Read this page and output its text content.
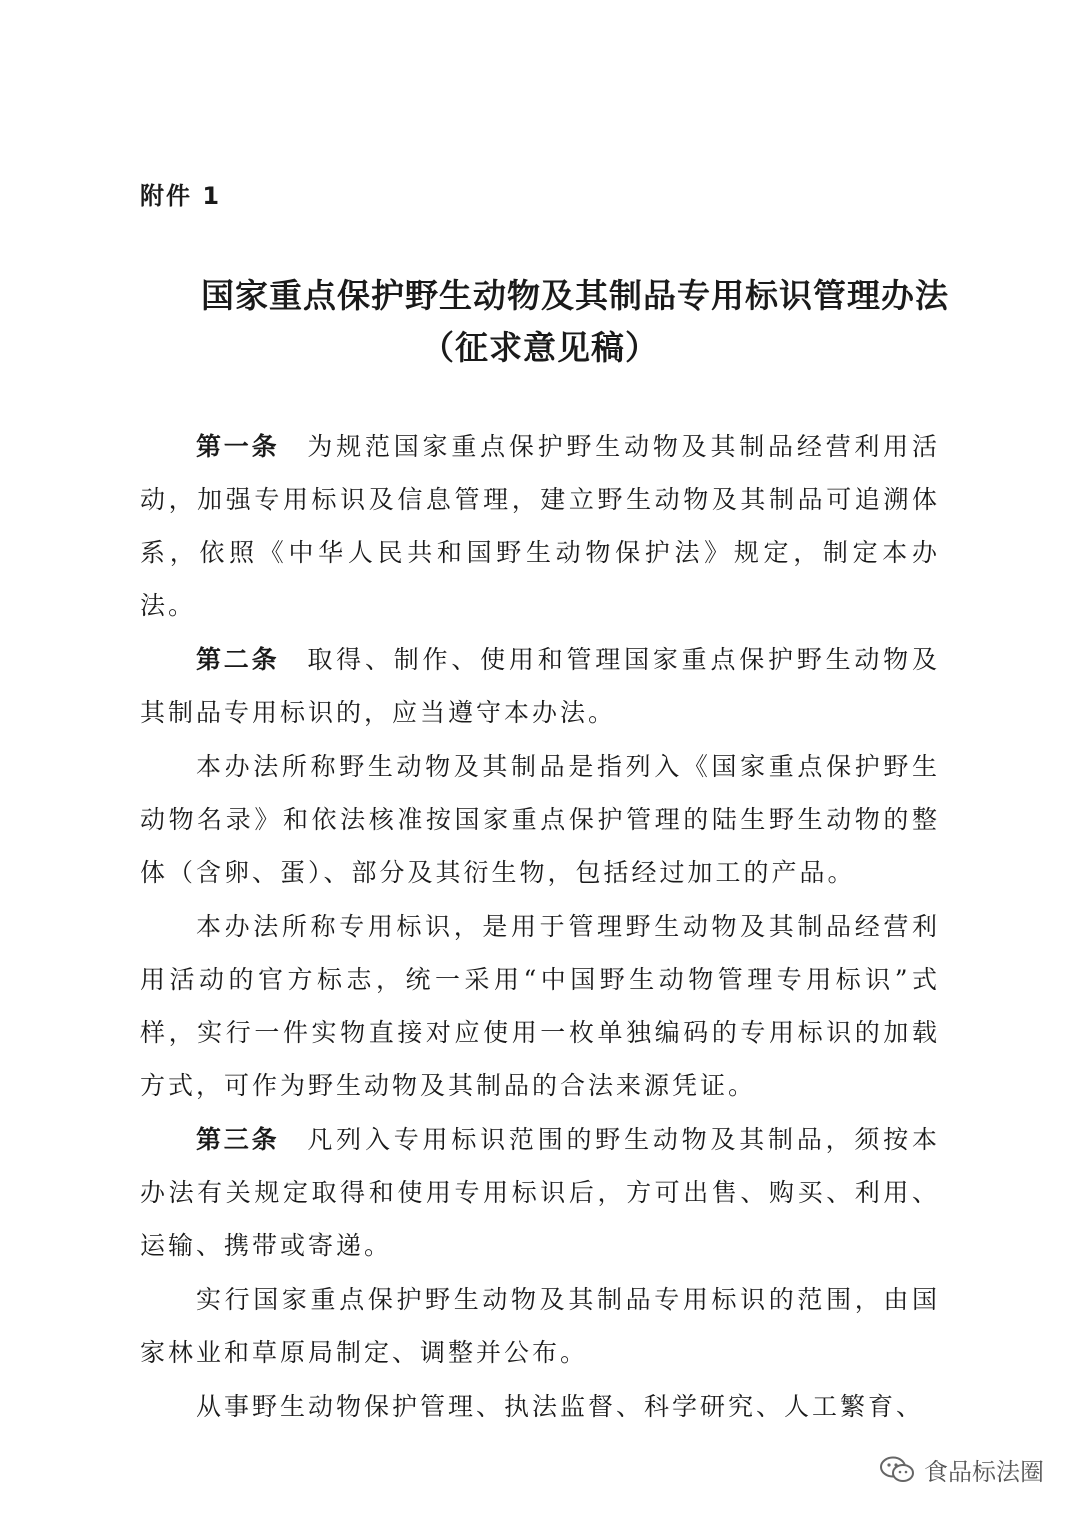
附件 1
国家重点保护野生动物及其制品专用标识管理办法
（征求意见稿）

第一条 为规范国家重点保护野生动物及其制品经营利用活动，加强专用标识及信息管理，建立野生动物及其制品可追溯体系，依照《中华人民共和国野生动物保护法》规定，制定本办法。

第二条 取得、制作、使用和管理国家重点保护野生动物及其制品专用标识的，应当遵守本办法。

本办法所称野生动物及其制品是指列入《国家重点保护野生动物名录》和依法核准按国家重点保护管理的陆生野生动物的整体（含卵、蛋）、部分及其衍生物，包括经过加工的产品。

本办法所称专用标识，是用于管理野生动物及其制品经营利用活动的官方标志，统一采用“中国野生动物管理专用标识”式样，实行一件实物直接对应使用一枚单独编码的专用标识的加载方式，可作为野生动物及其制品的合法来源凭证。

第三条 凡列入专用标识范围的野生动物及其制品，须按本办法有关规定取得和使用专用标识后，方可出售、购买、利用、运输、携带或寄递。

实行国家重点保护野生动物及其制品专用标识的范围，由国家林业和草原局制定、调整并公布。

从事野生动物保护管理、执法监督、科学研究、人工繁育、

食品标法圈
